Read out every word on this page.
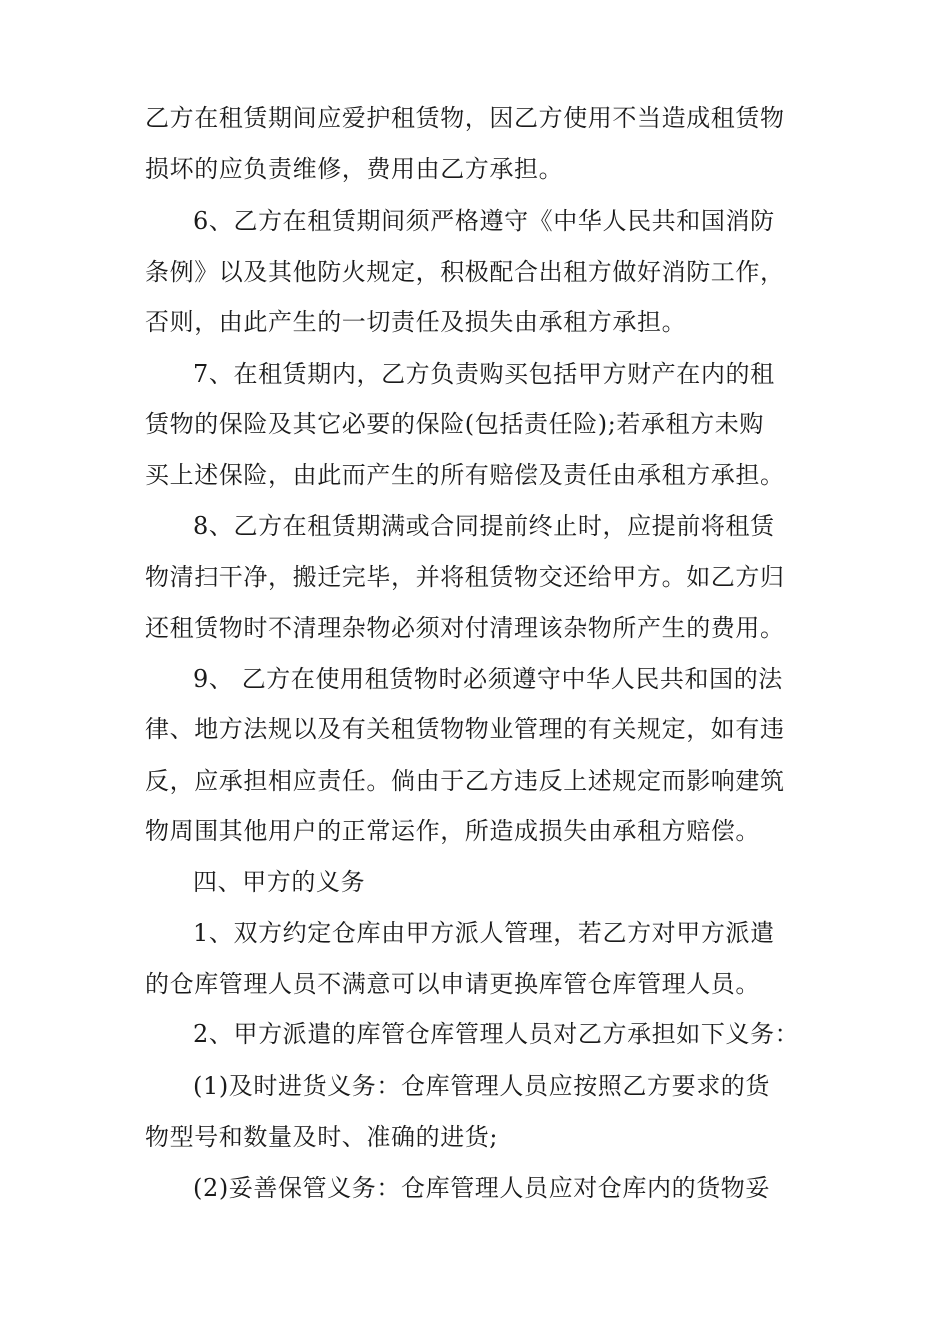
乙方在租赁期间应爱护租赁物，因乙方使用不当造成租赁物
损坏的应负责维修，费用由乙方承担。
6、乙方在租赁期间须严格遵守《中华人民共和国消防
条例》以及其他防火规定，积极配合出租方做好消防工作，
否则，由此产生的一切责任及损失由承租方承担。
7、在租赁期内，乙方负责购买包括甲方财产在内的租
赁物的保险及其它必要的保险(包括责任险);若承租方未购
买上述保险，由此而产生的所有赔偿及责任由承租方承担。
8、乙方在租赁期满或合同提前终止时，应提前将租赁
物清扫干净，搬迁完毕，并将租赁物交还给甲方。如乙方归
还租赁物时不清理杂物必须对付清理该杂物所产生的费用。
9、 乙方在使用租赁物时必须遵守中华人民共和国的法
律、地方法规以及有关租赁物物业管理的有关规定，如有违
反，应承担相应责任。倘由于乙方违反上述规定而影响建筑
物周围其他用户的正常运作，所造成损失由承租方赔偿。
四、甲方的义务
1、双方约定仓库由甲方派人管理，若乙方对甲方派遣
的仓库管理人员不满意可以申请更换库管仓库管理人员。
2、甲方派遣的库管仓库管理人员对乙方承担如下义务：
(1)及时进货义务：仓库管理人员应按照乙方要求的货
物型号和数量及时、准确的进货;
(2)妥善保管义务：仓库管理人员应对仓库内的货物妥
